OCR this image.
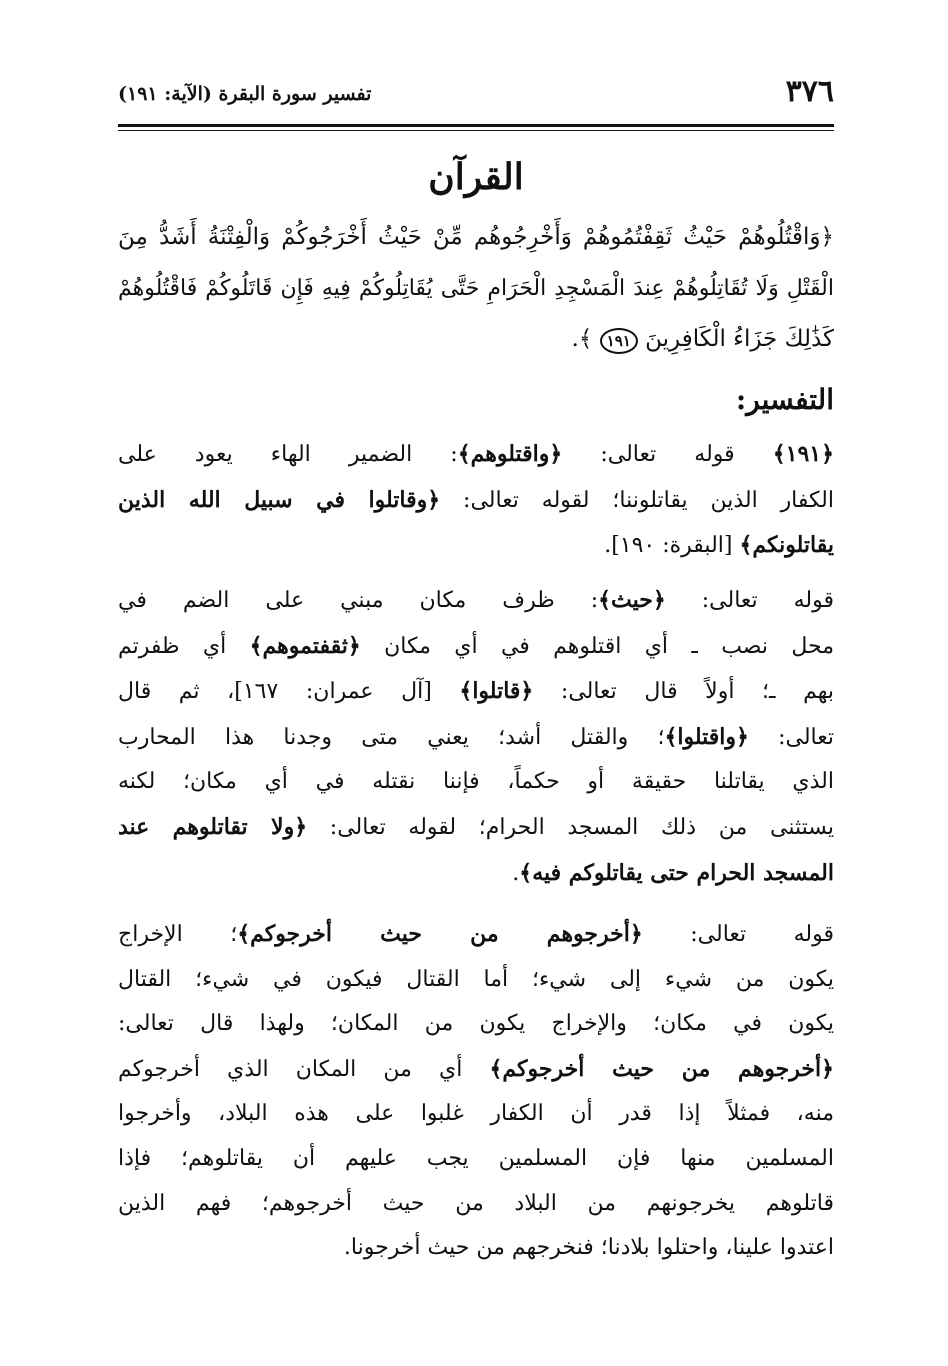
٣٧٦
تفسير سورة البقرة (الآية: ١٩١)
القرآن
﴿وَاقْتُلُوهُمْ حَيْثُ ثَقِفْتُمُوهُمْ وَأَخْرِجُوهُم مِّنْ حَيْثُ أَخْرَجُوكُمْ وَالْفِتْنَةُ أَشَدُّ مِنَ
الْقَتْلِ وَلَا تُقَاتِلُوهُمْ عِندَ الْمَسْجِدِ الْحَرَامِ حَتَّى يُقَاتِلُوكُمْ فِيهِ فَإِن قَاتَلُوكُمْ فَاقْتُلُوهُمْ
كَذَٰلِكَ جَزَاءُ الْكَافِرِينَ ١٩١ ﴾.
التفسير:
﴿١٩١﴾ قوله تعالى: ﴿واقتلوهم﴾: الضمير الهاء يعود على
الكفار الذين يقاتلوننا؛ لقوله تعالى: ﴿وقاتلوا في سبيل الله الذين
يقاتلونكم﴾ [البقرة: ١٩٠].
قوله تعالى: ﴿حيث﴾: ظرف مكان مبني على الضم في
محل نصب ـ أي اقتلوهم في أي مكان ﴿ثقفتموهم﴾ أي ظفرتم
بهم ـ؛ أولاً قال تعالى: ﴿قاتلوا﴾ [آل عمران: ١٦٧]، ثم قال
تعالى: ﴿واقتلوا﴾؛ والقتل أشد؛ يعني متى وجدنا هذا المحارب
الذي يقاتلنا حقيقة أو حكماً، فإننا نقتله في أي مكان؛ لكنه
يستثنى من ذلك المسجد الحرام؛ لقوله تعالى: ﴿ولا تقاتلوهم عند
المسجد الحرام حتى يقاتلوكم فيه﴾.
قوله تعالى: ﴿أخرجوهم من حيث أخرجوكم﴾؛ الإخراج
يكون من شيء إلى شيء؛ أما القتال فيكون في شيء؛ القتال
يكون في مكان؛ والإخراج يكون من المكان؛ ولهذا قال تعالى:
﴿أخرجوهم من حيث أخرجوكم﴾ أي من المكان الذي أخرجوكم
منه، فمثلاً إذا قدر أن الكفار غلبوا على هذه البلاد، وأخرجوا
المسلمين منها فإن المسلمين يجب عليهم أن يقاتلوهم؛ فإذا
قاتلوهم يخرجونهم من البلاد من حيث أخرجوهم؛ فهم الذين
اعتدوا علينا، واحتلوا بلادنا؛ فنخرجهم من حيث أخرجونا.
